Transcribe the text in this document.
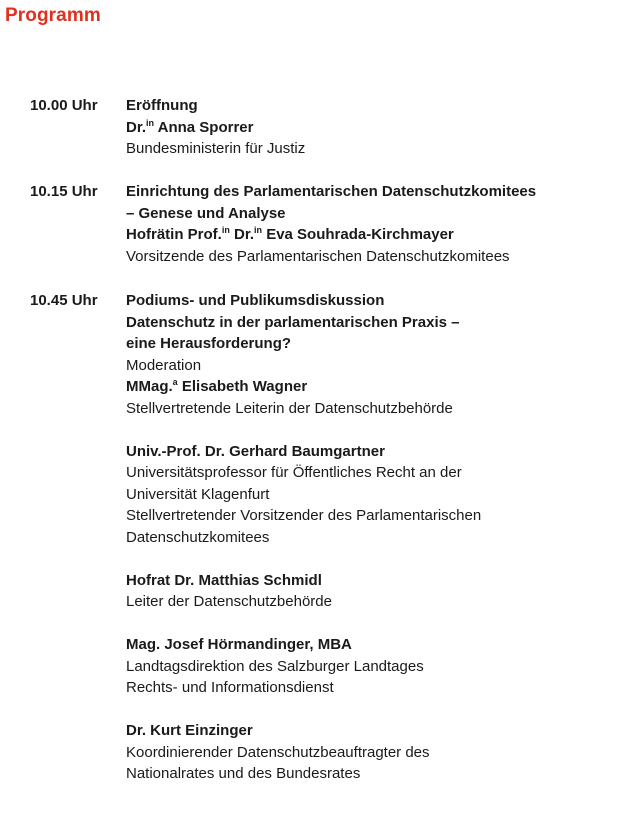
Programm
10.00 Uhr Eröffnung
Dr.$^{in}$ Anna Sporrer
Bundesministerin für Justiz
10.15 Uhr Einrichtung des Parlamentarischen Datenschutzkomitees
– Genese und Analyse
Hofrätin Prof.$^{in}$ Dr.$^{in}$ Eva Souhrada-Kirchmayer
Vorsitzende des Parlamentarischen Datenschutzkomitees
10.45 Uhr Podiums- und Publikumsdiskussion
Datenschutz in der parlamentarischen Praxis –
eine Herausforderung?
Moderation
MMag.$^a$ Elisabeth Wagner
Stellvertretende Leiterin der Datenschutzbehörde
Univ.-Prof. Dr. Gerhard Baumgartner
Universitätsprofessor für Öffentliches Recht an der
Universität Klagenfurt
Stellvertretender Vorsitzender des Parlamentarischen
Datenschutzkomitees
Hofrat Dr. Matthias Schmidl
Leiter der Datenschutzbehörde
Mag. Josef Hörmandinger, MBA
Landtagsdirektion des Salzburger Landtages
Rechts- und Informationsdienst
Dr. Kurt Einzinger
Koordinierender Datenschutzbeauftragter des
Nationalrates und des Bundesrates
